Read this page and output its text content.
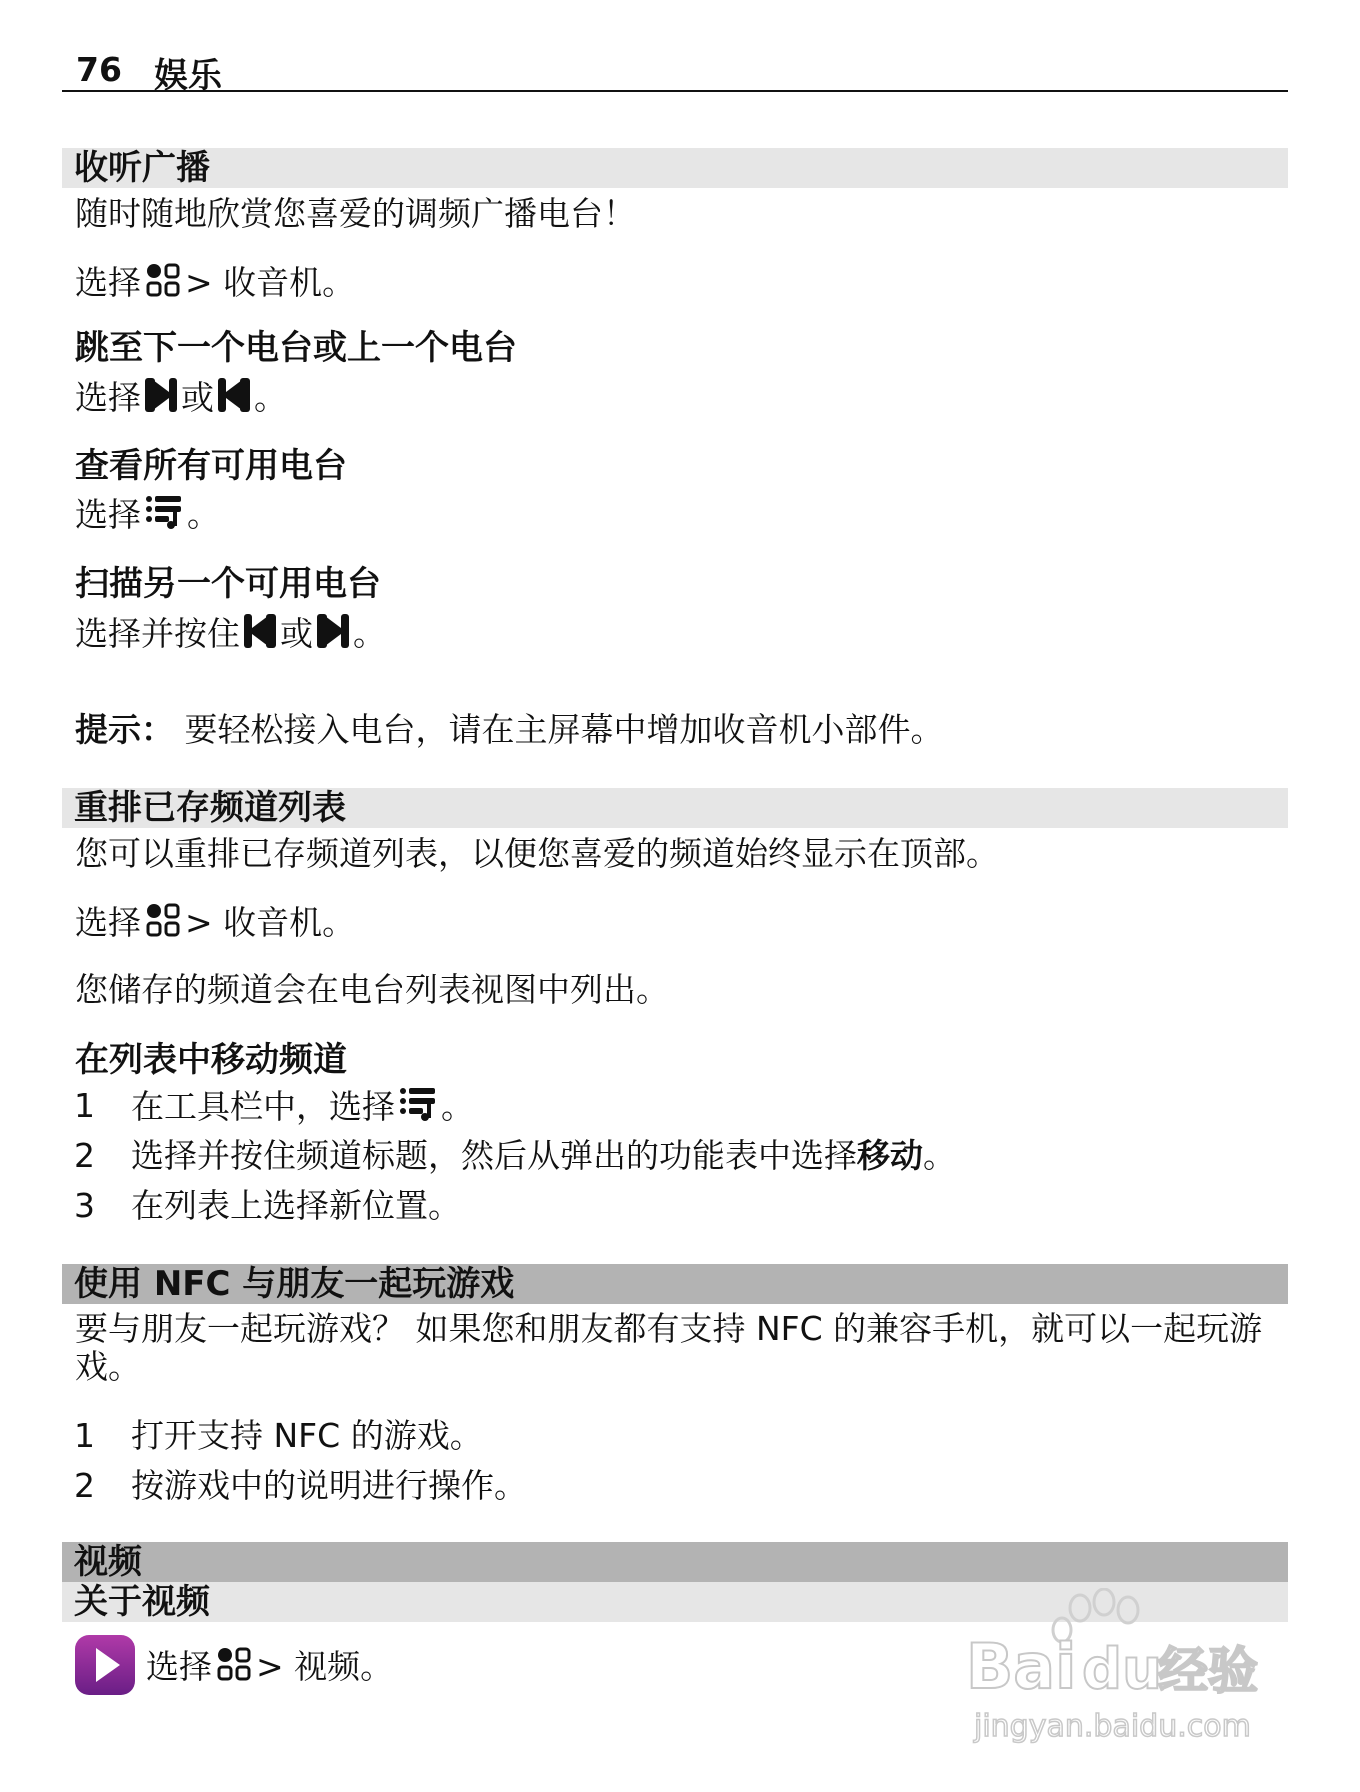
76 娱乐
收听广播
随时随地欣赏您喜爱的调频广播电台！
选择 > 收音机。
跳至下一个电台或上一个电台
选择 或 。
查看所有可用电台
选择 。
扫描另一个可用电台
选择并按住 或 。
提示： 要轻松接入电台，请在主屏幕中增加收音机小部件。
重排已存频道列表
您可以重排已存频道列表，以便您喜爱的频道始终显示在顶部。
选择 > 收音机。
您储存的频道会在电台列表视图中列出。
在列表中移动频道
1 在工具栏中，选择 。
2 选择并按住频道标题，然后从弹出的功能表中选择移动。
3 在列表上选择新位置。
使用 NFC 与朋友一起玩游戏
要与朋友一起玩游戏？ 如果您和朋友都有支持 NFC 的兼容手机，就可以一起玩游戏。
1 打开支持 NFC 的游戏。
2 按游戏中的说明进行操作。
视频
关于视频
选择 > 视频。	Bai du
经验
jingyan.baidu.com
